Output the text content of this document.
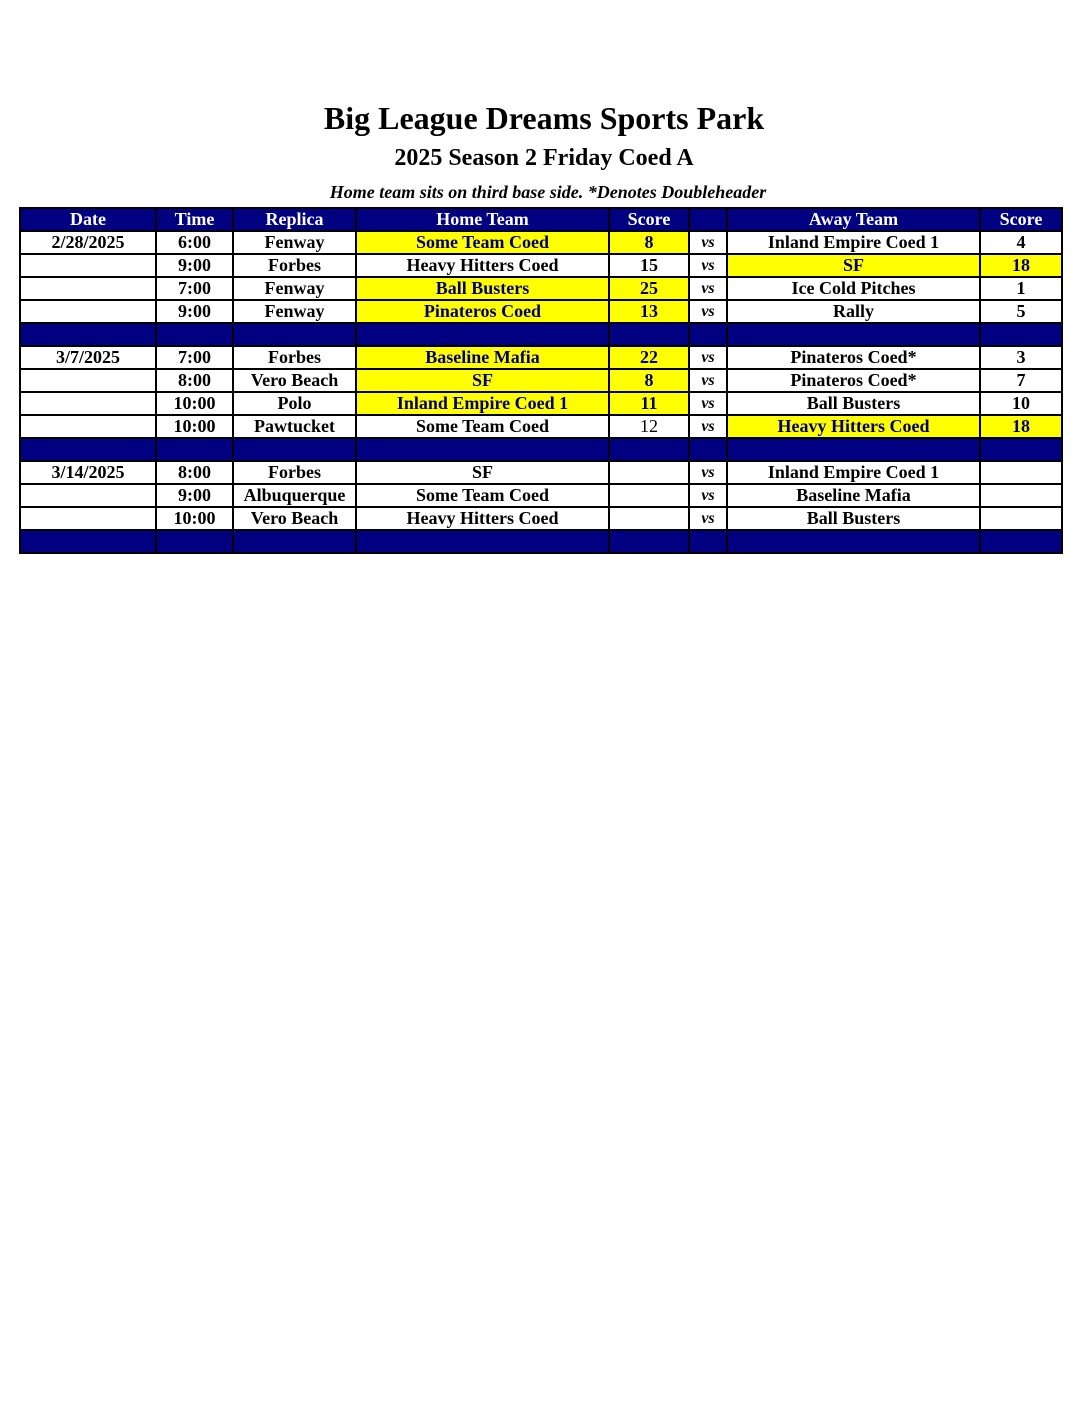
Big League Dreams Sports Park
2025 Season 2 Friday Coed A
Home team sits on third base side. *Denotes Doubleheader
Date	Time	Replica	Home Team	Score		Away Team	Score
2/28/2025	6:00	Fenway	Some Team Coed	8	vs	Inland Empire Coed 1	4
	9:00	Forbes	Heavy Hitters Coed	15	vs	SF	18
	7:00	Fenway	Ball Busters	25	vs	Ice Cold Pitches	1
	9:00	Fenway	Pinateros Coed	13	vs	Rally	5

3/7/2025	7:00	Forbes	Baseline Mafia	22	vs	Pinateros Coed*	3
	8:00	Vero Beach	SF	8	vs	Pinateros Coed*	7
	10:00	Polo	Inland Empire Coed 1	11	vs	Ball Busters	10
	10:00	Pawtucket	Some Team Coed	12	vs	Heavy Hitters Coed	18

3/14/2025	8:00	Forbes	SF		vs	Inland Empire Coed 1	
	9:00	Albuquerque	Some Team Coed		vs	Baseline Mafia	
	10:00	Vero Beach	Heavy Hitters Coed		vs	Ball Busters	
